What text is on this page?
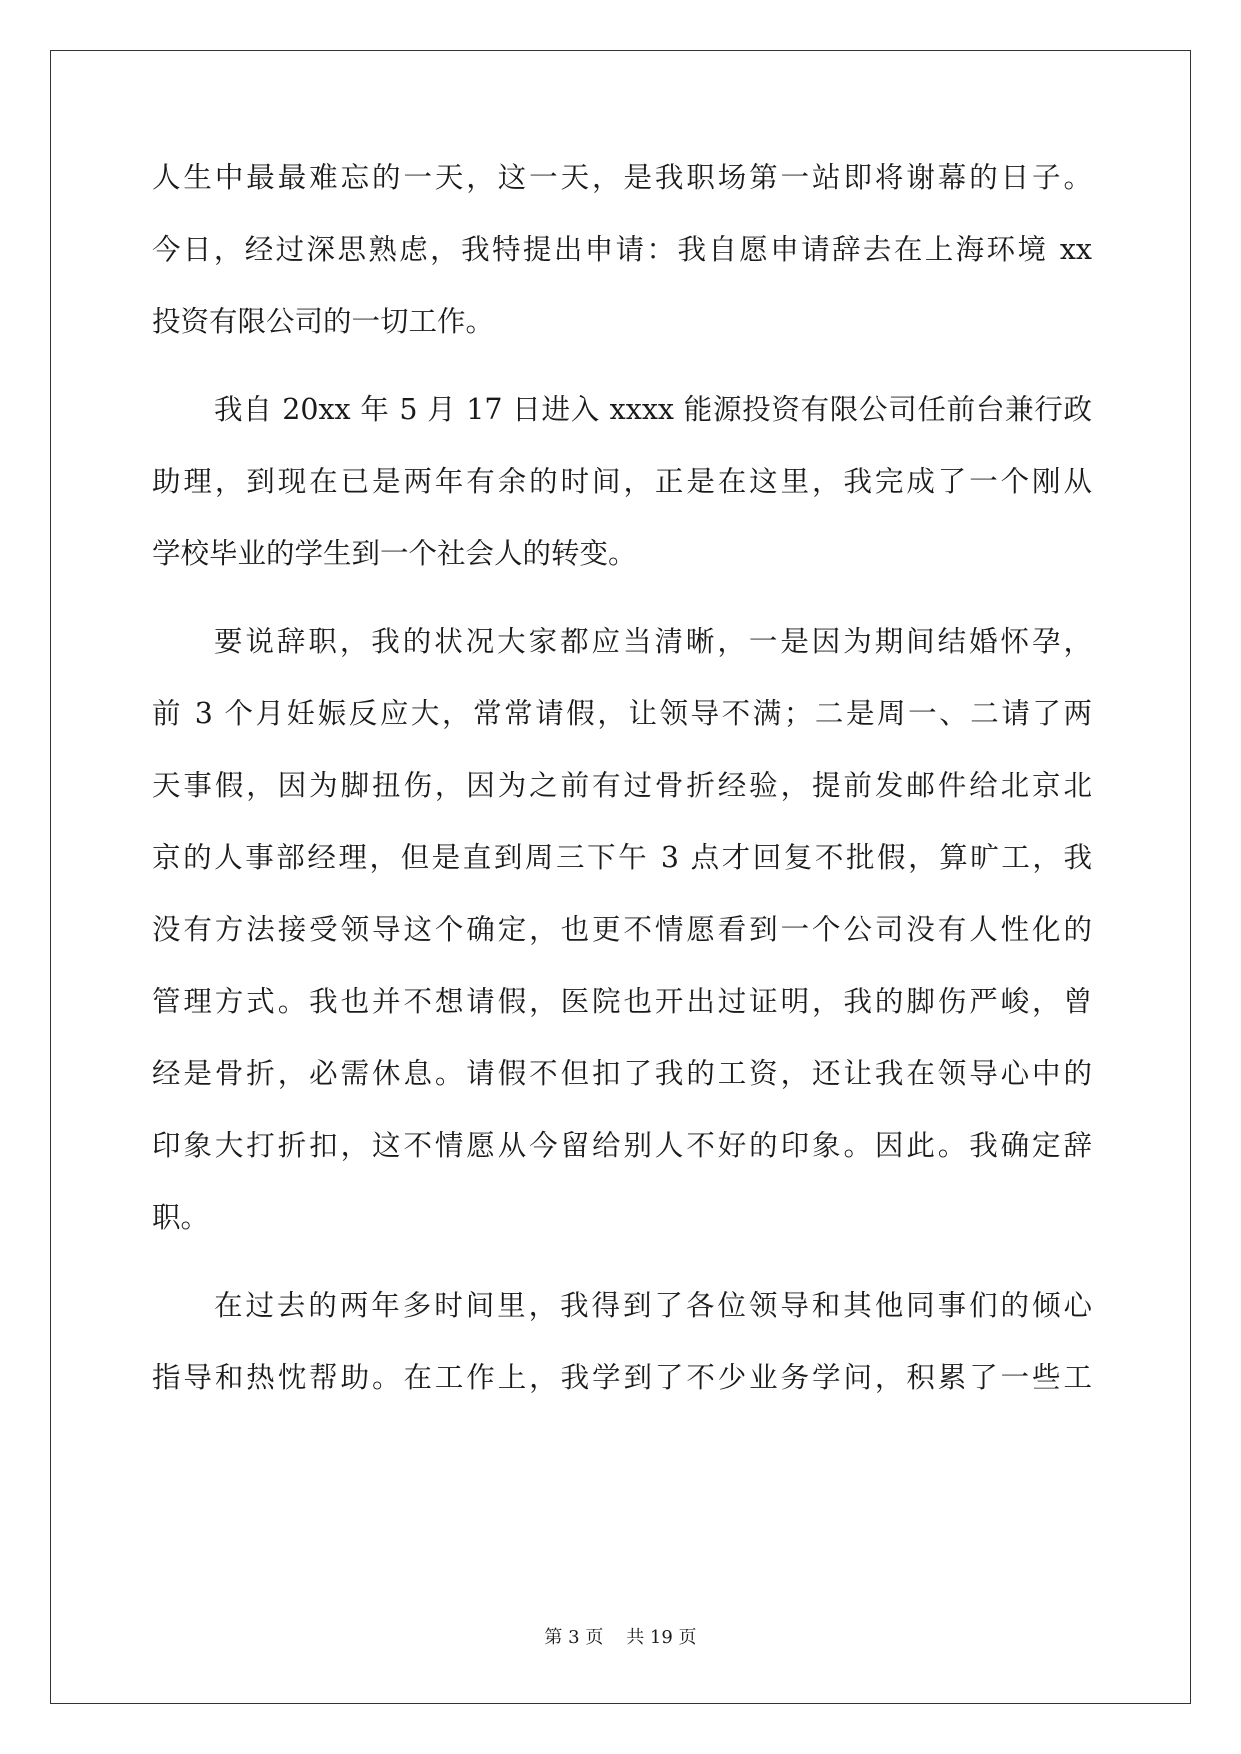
人生中最最难忘的一天，这一天，是我职场第一站即将谢幕的日子。
今日，经过深思熟虑，我特提出申请：我自愿申请辞去在上海环境 xx
投资有限公司的一切工作。
我自 20xx 年 5 月 17 日进入 xxxx 能源投资有限公司任前台兼行政
助理，到现在已是两年有余的时间，正是在这里，我完成了一个刚从
学校毕业的学生到一个社会人的转变。
要说辞职，我的状况大家都应当清晰，一是因为期间结婚怀孕，
前 3 个月妊娠反应大，常常请假，让领导不满；二是周一、二请了两
天事假，因为脚扭伤，因为之前有过骨折经验，提前发邮件给北京北
京的人事部经理，但是直到周三下午 3 点才回复不批假，算旷工，我
没有方法接受领导这个确定，也更不情愿看到一个公司没有人性化的
管理方式。我也并不想请假，医院也开出过证明，我的脚伤严峻，曾
经是骨折，必需休息。请假不但扣了我的工资，还让我在领导心中的
印象大打折扣，这不情愿从今留给别人不好的印象。因此。我确定辞
职。
在过去的两年多时间里，我得到了各位领导和其他同事们的倾心
指导和热忱帮助。在工作上，我学到了不少业务学问，积累了一些工
第 3 页    共 19 页
